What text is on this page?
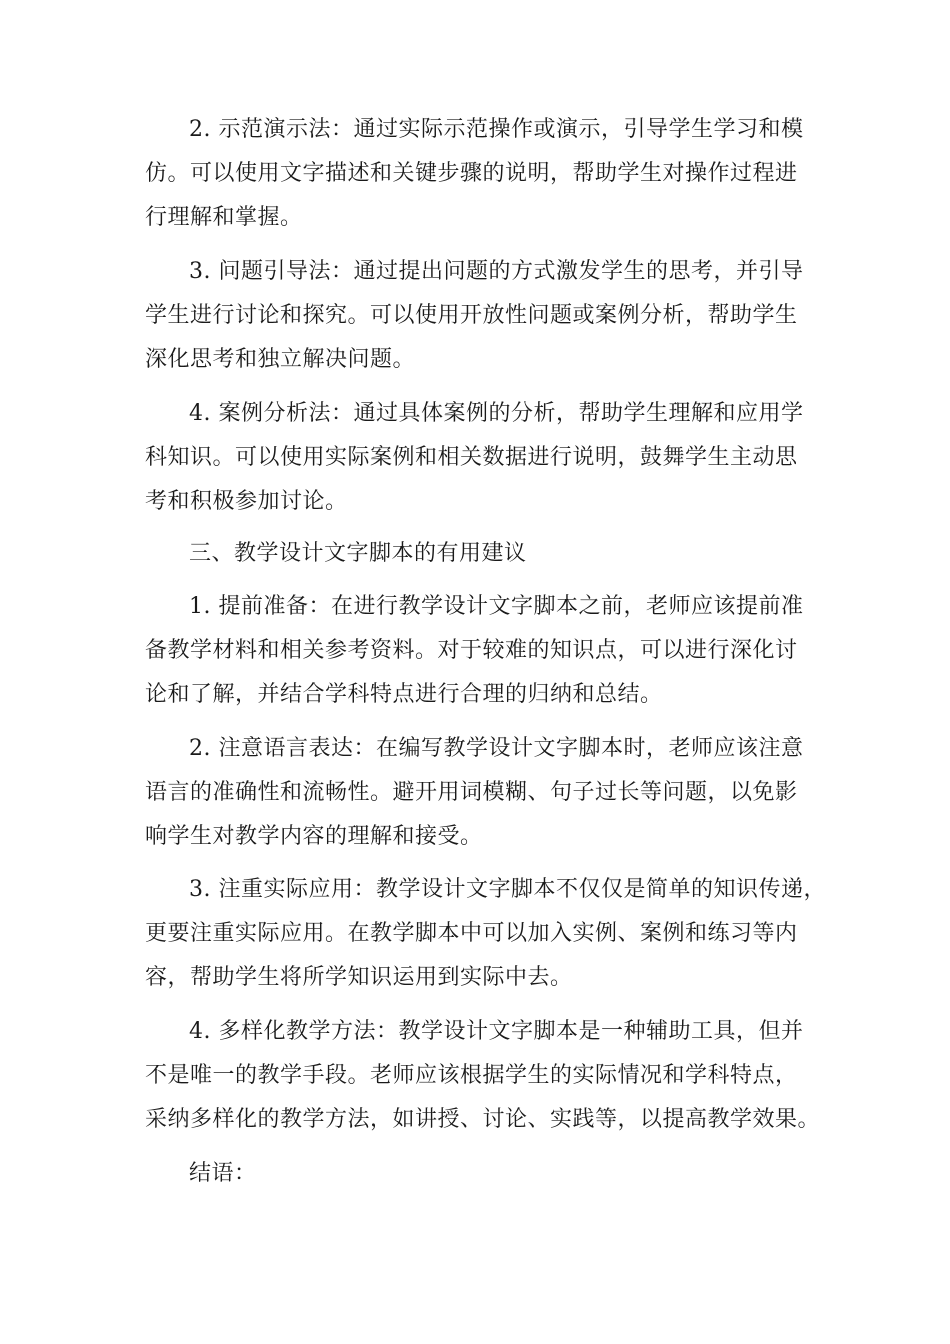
2. 示范演示法：通过实际示范操作或演示，引导学生学习和模
仿。可以使用文字描述和关键步骤的说明，帮助学生对操作过程进
行理解和掌握。
3. 问题引导法：通过提出问题的方式激发学生的思考，并引导
学生进行讨论和探究。可以使用开放性问题或案例分析，帮助学生
深化思考和独立解决问题。
4. 案例分析法：通过具体案例的分析，帮助学生理解和应用学
科知识。可以使用实际案例和相关数据进行说明，鼓舞学生主动思
考和积极参加讨论。
三、教学设计文字脚本的有用建议
1. 提前准备：在进行教学设计文字脚本之前，老师应该提前准
备教学材料和相关参考资料。对于较难的知识点，可以进行深化讨
论和了解，并结合学科特点进行合理的归纳和总结。
2. 注意语言表达：在编写教学设计文字脚本时，老师应该注意
语言的准确性和流畅性。避开用词模糊、句子过长等问题，以免影
响学生对教学内容的理解和接受。
3. 注重实际应用：教学设计文字脚本不仅仅是简单的知识传递，
更要注重实际应用。在教学脚本中可以加入实例、案例和练习等内
容，帮助学生将所学知识运用到实际中去。
4. 多样化教学方法：教学设计文字脚本是一种辅助工具，但并
不是唯一的教学手段。老师应该根据学生的实际情况和学科特点，
采纳多样化的教学方法，如讲授、讨论、实践等，以提高教学效果。
结语：
